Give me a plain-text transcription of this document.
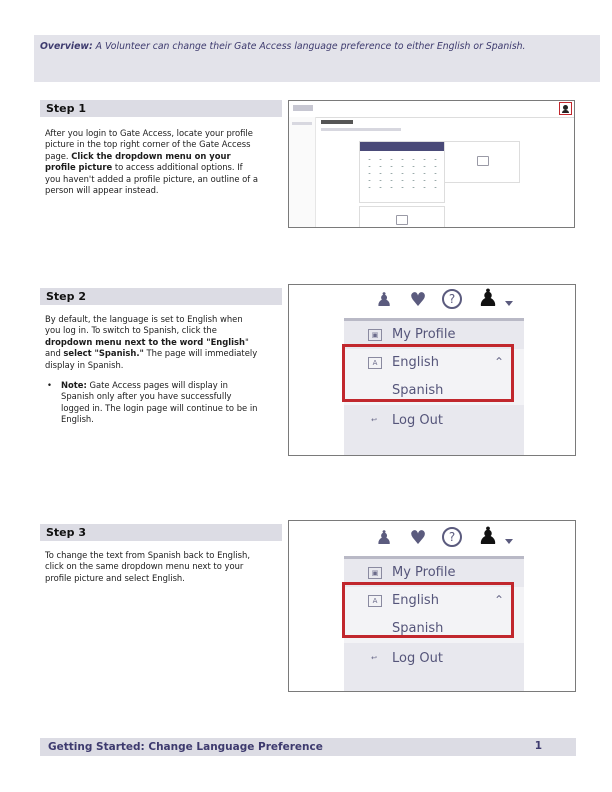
Overview: A Volunteer can change their Gate Access language preference to either English or Spanish.

Step 1

After you login to Gate Access, locate your profile picture in the top right corner of the Gate Access page. Click the dropdown menu on your profile picture to access additional options. If you haven't added a profile picture, an outline of a person will appear instead.

Step 2

By default, the language is set to English when you log in. To switch to Spanish, click the dropdown menu next to the word "English" and select "Spanish." The page will immediately display in Spanish.

•	Note: Gate Access pages will display in Spanish only after you have successfully logged in. The login page will continue to be in English.
♟ ♥	? ♟
▣ My Profile
A	English	⌃
Spanish
↩ Log Out
Step 3

To change the text from Spanish back to English, click on the same dropdown menu next to your profile picture and select English.

♟ ♥	? ♟
▣ My Profile
A	English	⌃
Spanish
↩ Log Out
Getting Started: Change Language Preference	1
